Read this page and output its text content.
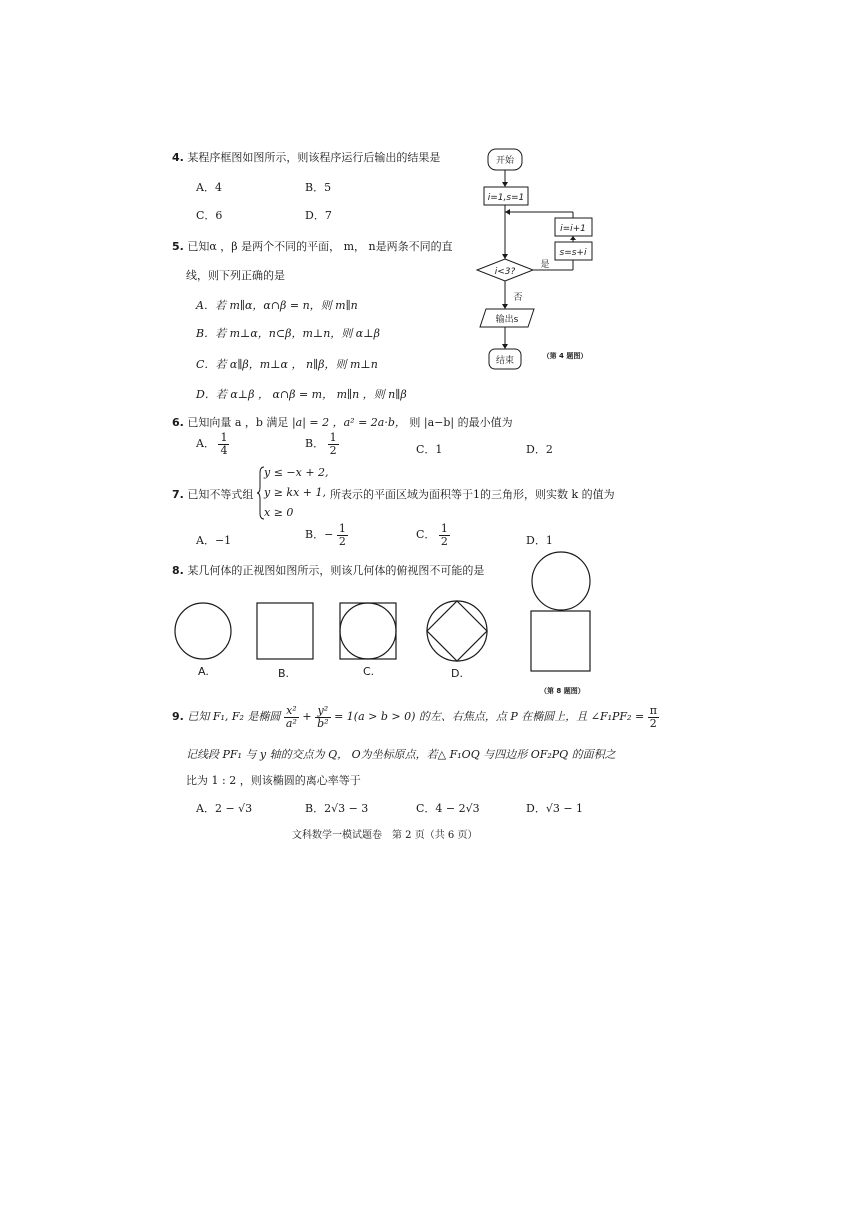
4. 某程序框图如图所示，则该程序运行后输出的结果是
A．4	B．5
C．6	D．7
开始
i=1,s=1
i=i+1
s=s+i
i<3?
是
否
输出s
结束	（第 4 题图）
5. 已知α ，β 是两个不同的平面， m， n是两条不同的直
线，则下列正确的是
A．若 m∥α，α∩β = n，则 m∥n
B．若 m⊥α，n⊂β，m⊥n，则 α⊥β
C．若 α∥β，m⊥α ， n∥β，则 m⊥n
D．若 α⊥β ， α∩β = m， m∥n ，则 n∥β
6. 已知向量 a ，b 满足 |a| = 2 ，a² = 2a·b， 则 |a−b| 的最小值为
A． $\frac{1}{4}$	B． $\frac{1}{2}$	C．1	D．2
7. 已知不等式组
y ≤ −x + 2,
y ≥ kx + 1,
x ≥ 0
所表示的平面区域为面积等于1的三角形，则实数 k 的值为
A．−1	B．− $\frac{1}{2}$	C． $\frac{1}{2}$	D．1
8. 某几何体的正视图如图所示，则该几何体的俯视图不可能的是
A.	B.	C.	D.
（第 8 题图）
9. 已知 F₁, F₂ 是椭圆 $\frac{\text{x²}}{\text{a²}} + \frac{\text{y²}}{\text{b²}} = 1(a > b > 0)$ 的左、右焦点，点 P 在椭圆上，且 ∠F₁PF₂ = $\frac{\pi}{2}$
记线段 PF₁ 与 y 轴的交点为 Q， O为坐标原点，若△ F₁OQ 与四边形 OF₂PQ 的面积之
比为 1 : 2 ，则该椭圆的离心率等于
A．2 − √3	B．2√3 − 3	C．4 − 2√3	D．√3 − 1
文科数学一模试题卷　第 2 页（共 6 页）
